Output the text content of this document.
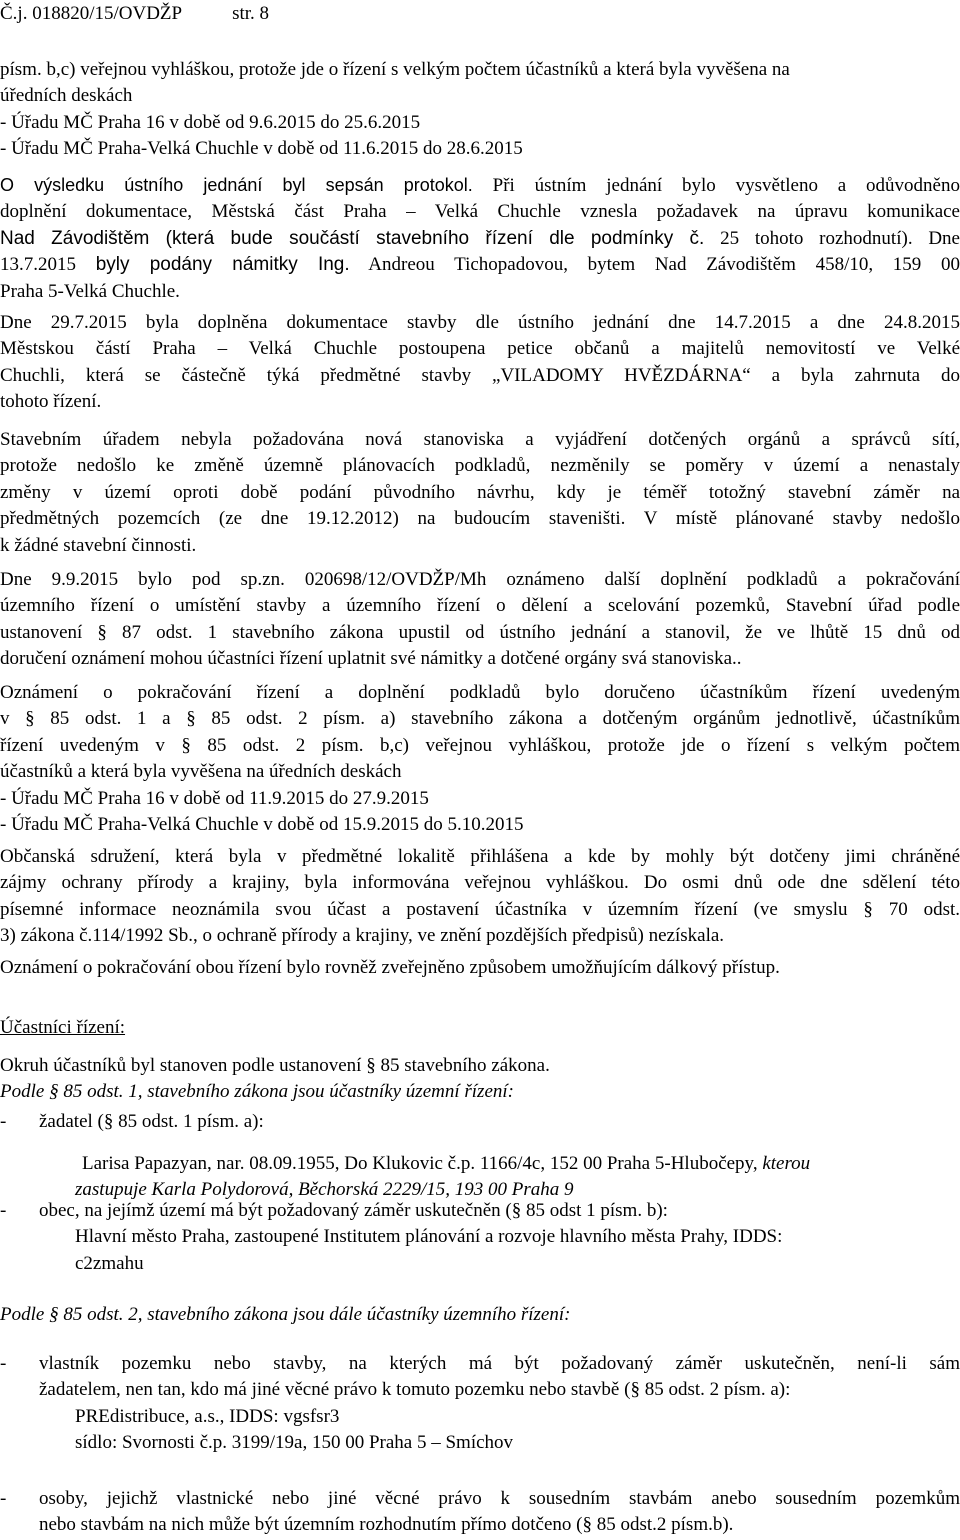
Č.j. 018820/15/OVDŽP	str. 8
písm. b,c) veřejnou vyhláškou, protože jde o řízení s velkým počtem účastníků a která byla vyvěšena na
úředních deskách
- Úřadu MČ Praha 16 v době od 9.6.2015 do 25.6.2015
- Úřadu MČ Praha-Velká Chuchle v době od 11.6.2015 do 28.6.2015
O výsledku ústního jednání byl sepsán protokol. Při ústním jednání bylo vysvětleno a odůvodněno
doplnění dokumentace, Městská část Praha – Velká Chuchle vznesla požadavek na úpravu komunikace
Nad Závodištěm (která bude součástí stavebního řízení dle podmínky č. 25 tohoto rozhodnutí). Dne
13.7.2015 byly podány námitky Ing. Andreou Tichopadovou, bytem Nad Závodištěm 458/10, 159 00
Praha 5-Velká Chuchle.
Dne 29.7.2015 byla doplněna dokumentace stavby dle ústního jednání dne 14.7.2015 a dne 24.8.2015
Městskou částí Praha – Velká Chuchle postoupena petice občanů a majitelů nemovitostí ve Velké
Chuchli, která se částečně týká předmětné stavby „VILADOMY HVĚZDÁRNA“ a byla zahrnuta do
tohoto řízení.
Stavebním úřadem nebyla požadována nová stanoviska a vyjádření dotčených orgánů a správců sítí,
protože nedošlo ke změně územně plánovacích podkladů, nezměnily se poměry v území a nenastaly
změny v území oproti době podání původního návrhu, kdy je téměř totožný stavební záměr na
předmětných pozemcích (ze dne 19.12.2012) na budoucím staveništi. V místě plánované stavby nedošlo
k žádné stavební činnosti.
Dne 9.9.2015 bylo pod sp.zn. 020698/12/OVDŽP/Mh oznámeno další doplnění podkladů a pokračování
územního řízení o umístění stavby a územního řízení o dělení a scelování pozemků, Stavební úřad podle
ustanovení § 87 odst. 1 stavebního zákona upustil od ústního jednání a stanovil, že ve lhůtě 15 dnů od
doručení oznámení mohou účastníci řízení uplatnit své námitky a dotčené orgány svá stanoviska..
Oznámení o pokračování řízení a doplnění podkladů bylo doručeno účastníkům řízení uvedeným
v § 85 odst. 1 a § 85 odst. 2 písm. a) stavebního zákona a dotčeným orgánům jednotlivě, účastníkům
řízení uvedeným v § 85 odst. 2 písm. b,c) veřejnou vyhláškou, protože jde o řízení s velkým počtem
účastníků a která byla vyvěšena na úředních deskách
- Úřadu MČ Praha 16 v době od 11.9.2015 do 27.9.2015
- Úřadu MČ Praha-Velká Chuchle v době od 15.9.2015 do 5.10.2015
Občanská sdružení, která byla v předmětné lokalitě přihlášena a kde by mohly být dotčeny jimi chráněné
zájmy ochrany přírody a krajiny, byla informována veřejnou vyhláškou. Do osmi dnů ode dne sdělení této
písemné informace neoznámila svou účast a postavení účastníka v územním řízení (ve smyslu § 70 odst.
3) zákona č.114/1992 Sb., o ochraně přírody a krajiny, ve znění pozdějších předpisů) nezískala.
Oznámení o pokračování obou řízení bylo rovněž zveřejněno způsobem umožňujícím dálkový přístup.
Účastníci řízení:
Okruh účastníků byl stanoven podle ustanovení § 85 stavebního zákona.
Podle § 85 odst. 1, stavebního zákona jsou účastníky územní řízení:
-	žadatel (§ 85 odst. 1 písm. a):
Larisa Papazyan, nar. 08.09.1955, Do Klukovic č.p. 1166/4c, 152 00 Praha 5-Hlubočepy, kterou
zastupuje Karla Polydorová, Běchorská 2229/15, 193 00 Praha 9
-	obec, na jejímž území má být požadovaný záměr uskutečněn (§ 85 odst 1 písm. b):
Hlavní město Praha, zastoupené Institutem plánování a rozvoje hlavního města Prahy, IDDS:
c2zmahu
Podle § 85 odst. 2, stavebního zákona jsou dále účastníky územního řízení:
-	vlastník pozemku nebo stavby, na kterých má být požadovaný záměr uskutečněn, není-li sám
žadatelem, nen tan, kdo má jiné věcné právo k tomuto pozemku nebo stavbě (§ 85 odst. 2 písm. a):
PREdistribuce, a.s., IDDS: vgsfsr3
sídlo: Svornosti č.p. 3199/19a, 150 00 Praha 5 – Smíchov
-	osoby, jejichž vlastnické nebo jiné věcné právo k sousedním stavbám anebo sousedním pozemkům
nebo stavbám na nich může být územním rozhodnutím přímo dotčeno (§ 85 odst.2 písm.b).
